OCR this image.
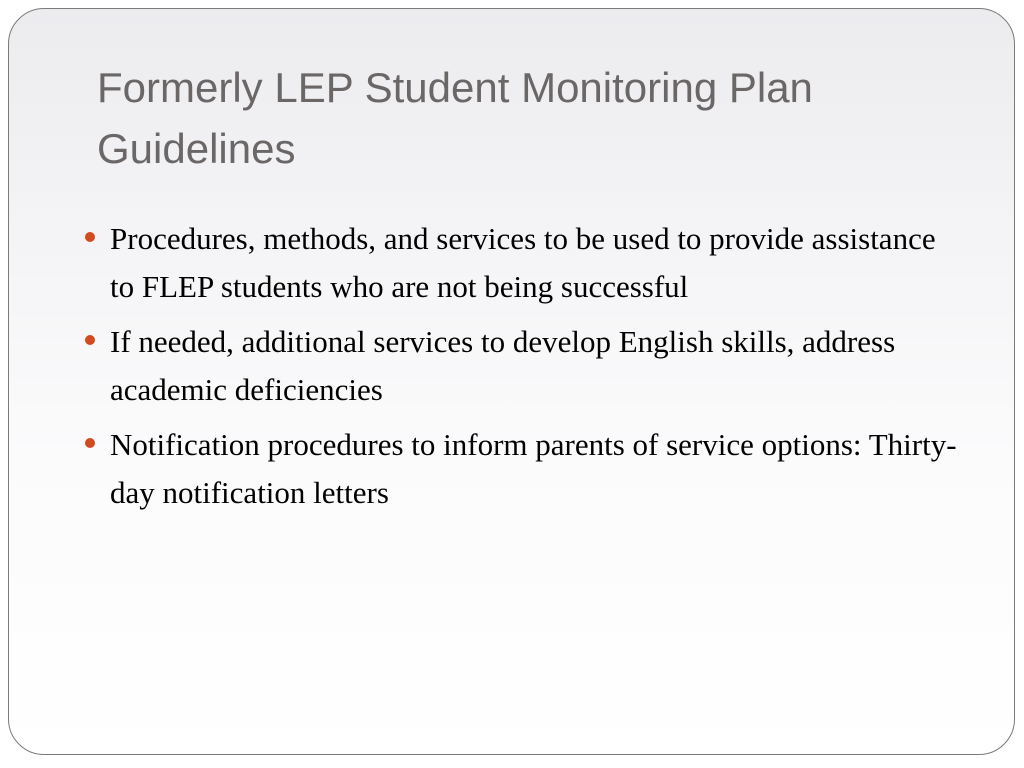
Formerly LEP Student Monitoring Plan Guidelines
Procedures, methods, and services to be used to provide assistance to FLEP students who are not being successful
If needed, additional services to develop English skills, address academic deficiencies
Notification procedures to inform parents of service options: Thirty-day notification letters
